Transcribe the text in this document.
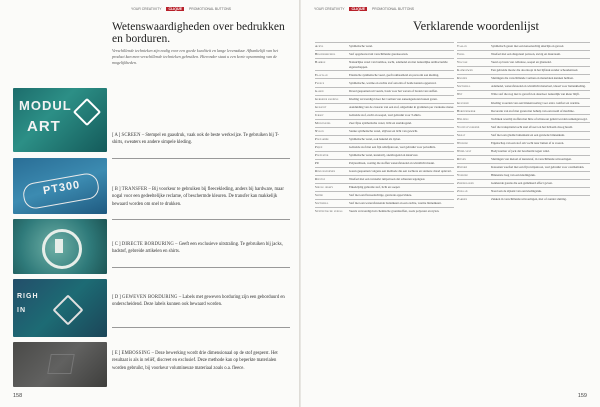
YOUR CREATIVITY	CLIQUE	PROMOTIONAL BUTTONS
Wetenswaardigheden over bedrukken en borduren.
Verschillende technieken zijn nodig voor een goede kwaliteit en lange levensduur. Afhankelijk van het product kan men verschillende technieken gebruiken. Hieronder staat u een korte opsomming van de mogelijkheden.
MODUL
ART
PT300
RIGH
IN
[ A ] SCREEN – Stempel en gaasdruk, vaak ook de beste werkwijze. Te gebruiken bij T-shirts, sweaters en andere simpele kleding.
[ B ] TRANSFER – Bij voorkeur te gebruiken bij fleecekleding, anders bij hardware, maar nogal voor een gedeeltelijke reclame, of beschermde kleuren. De transfer kan makkelijk bewaard worden om snel te drukken.
[ C ] DIRECTE BORDURING – Geeft een exclusieve uitstraling. Te gebruiken bij jacks, badstof, gebreide artikelen en shirts.
[ D ] GEWEVEN BORDURING – Labels met geweven borduring zijn een geborduurd en onderscheidend. Deze labels kunnen ook bewaard worden.
[ E ] EMBOSSING – Deze bewerking wordt drie dimensionaal op de stof gesperst. Het resultaat is als in reliëf, discreet en exclusief. Deze methode kan op beperkte materialen worden gebruikt, bij voorkeur volumineuze materiaal zoals o.a. fleece.
158
YOUR CREATIVITY	CLIQUE	PROMOTIONAL BUTTONS
Verklarende woordenlijst
Acryl	Synthetische vezel.
Beschermvezel	Stof opgebouwd uit verschillende garensoorten.
Bamboe	Natuurlijke vezel van bamboe, zacht, ademend en met natuurlijke antibacteriële eigenschappen.
Elastaan	Elastische synthetische vezel, geeft rekbaarheid en pasvorm aan kleding.
Fleece	Synthetische, warme en zachte stof aan één of beide kanten opgeruwd.
Garen	Draad gesponnen uit vezels, basis voor het weven of breien van stoffen.
Gebreide kleding	Kleding vervaardigd door het vormen van aaneengesloten lussen garen.
Gewicht	Aanduiding van de zwaarte van een stof, uitgedrukt in grammen per vierkante meter.
Jersey	Gebreide stof, zacht en soepel, veel gebruikt voor T-shirts.
Microvezel	Zeer fijne synthetische vezel, licht en sneldrogend.
Nylon	Sterke synthetische vezel, slijtvast en licht van gewicht.
Polyamide	Synthetische vezel, ook bekend als nylon.
Piqué	Gebreide stof met een fijn reliëfpatroon, veel gebruikt voor poloshirts.
Polyester	Synthetische vezel, kreukvrij, sneldrogend en kleurvast.
PU	Polyurethaan, coating die stoffen waterafstotend en winddicht maakt.
Ringgesponnen	Garen gesponnen volgens een methode die een zachtere en sterkere draad oplevert.
Ripstop	Weefsel met een versterkt ruitpatroon dat scheuren tegengaat.
Single jersey	Enkelzijdig gebreide stof, licht en soepel.
Suède	Stof met een fluweelachtige, geruwde oppervlakte.
Softshell	Stof met een waterafstotende buitenkant en een zachte, warme binnenkant.
Synthetische vezels	Vezels vervaardigd uit chemische grondstoffen, zoals polyester en nylon.
Taslan	Synthetisch garen met een katoenachtig uiterlijk en gevoel.
Twill	Weefsel met een diagonaal patroon, stevig en duurzaam.
Viscose	Vezel op basis van cellulose, soepel en glanzend.
Kapmouwen	Een gebreide mouw die doorloopt in het lijfstuk zonder schoudernaad.
Knopen	Sluitingen die verschillende vormen en materialen kunnen hebben.
Softshell	Ademend, waterafstotend en winddicht materiaal, ideaal voor buitenkleding.
Wit	Witte stof die nog niet is geverfd en daardoor natuurlijk van kleur blijft.
Gevoerd	Kleding voorzien van een binnenvoering voor extra comfort en warmte.
Borduurwerk	Decoratie van stof met garen met behulp van een naald of machine.
Welding	Techniek waarbij stoffen met hitte of ultrasoon geluid worden samengevoegd.
Vochtafvoerend	Stof die transpiratievocht snel afvoert en het lichaam droog houdt.
Sweat	Stof met een gladde buitenkant en een geruwde binnenkant.
Wicking	Eigenschap van een stof om vocht naar buiten af te voeren.
Wind-vest	Bodywarmer of jack dat beschermt tegen wind.
Ritsen	Sluitingen van metaal of kunststof, in verschillende uitvoeringen.
Oxford	Katoenen weefsel met een fijn ruitpatroon, veel gebruikt voor overhemden.
Voering	Binnenste laag van een kledingstuk.
Zwenkgaren	Gekleurde garens die een gemêleerd effect geven.
Zijnaad	Naad aan de zijkant van een kledingstuk.
Zakken	Zakken in verschillende uitvoeringen, met of zonder sluiting.
159
